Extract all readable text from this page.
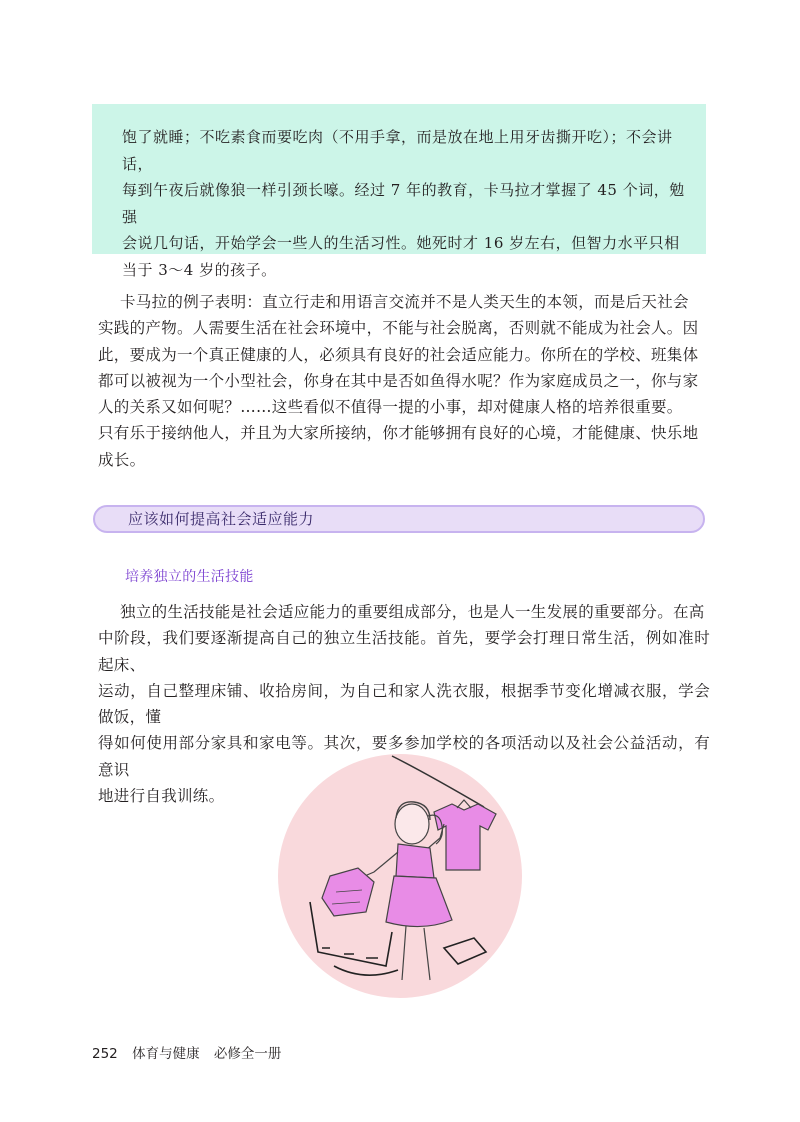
饱了就睡；不吃素食而要吃肉（不用手拿，而是放在地上用牙齿撕开吃）；不会讲话，

每到午夜后就像狼一样引颈长嚎。经过 7 年的教育，卡马拉才掌握了 45 个词，勉强

会说几句话，开始学会一些人的生活习性。她死时才 16 岁左右，但智力水平只相

当于 3～4 岁的孩子。

卡马拉的例子表明：直立行走和用语言交流并不是人类天生的本领，而是后天社会

实践的产物。人需要生活在社会环境中，不能与社会脱离，否则就不能成为社会人。因

此，要成为一个真正健康的人，必须具有良好的社会适应能力。你所在的学校、班集体

都可以被视为一个小型社会，你身在其中是否如鱼得水呢？作为家庭成员之一，你与家

人的关系又如何呢？……这些看似不值得一提的小事，却对健康人格的培养很重要。

只有乐于接纳他人，并且为大家所接纳，你才能够拥有良好的心境，才能健康、快乐地

成长。

应该如何提高社会适应能力
培养独立的生活技能

独立的生活技能是社会适应能力的重要组成部分，也是人一生发展的重要部分。在高

中阶段，我们要逐渐提高自己的独立生活技能。首先，要学会打理日常生活，例如准时起床、

运动，自己整理床铺、收拾房间，为自己和家人洗衣服，根据季节变化增减衣服，学会做饭，懂

得如何使用部分家具和家电等。其次，要多参加学校的各项活动以及社会公益活动，有意识

地进行自我训练。

252 体育与健康 必修全一册
